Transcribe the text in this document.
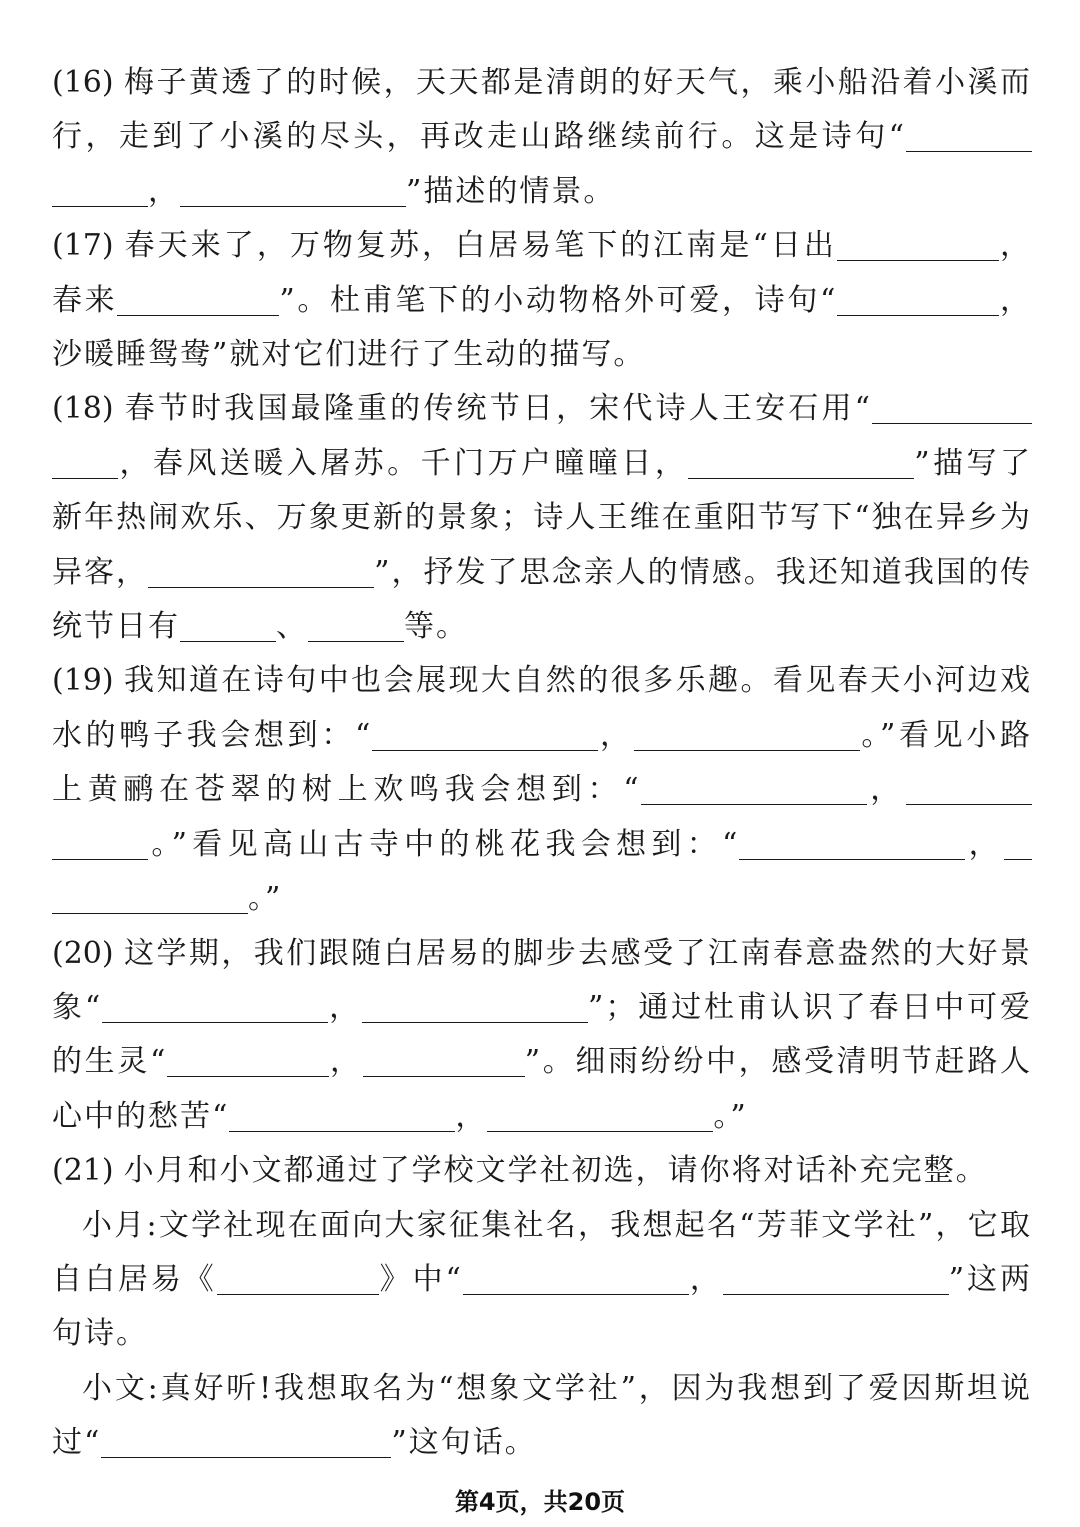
(16) 梅子黄透了的时候，天天都是清朗的好天气，乘小船沿着小溪而行，走到了小溪的尽头，再改走山路继续前行。这是诗句“，	”描述的情景。

(17) 春天来了，万物复苏，白居易笔下的江南是“日出	，春来	”。杜甫笔下的小动物格外可爱，诗句“	，沙暖睡鸳鸯”就对它们进行了生动的描写。

(18) 春节时我国最隆重的传统节日，宋代诗人王安石用“，春风送暖入屠苏。千门万户曈曈日，	”描写了新年热闹欢乐、万象更新的景象；诗人王维在重阳节写下“独在异乡为异客，	”，抒发了思念亲人的情感。我还知道我国的传统节日有	、	等。

(19) 我知道在诗句中也会展现大自然的很多乐趣。看见春天小河边戏水的鸭子我会想到：“	，	。”看见小路上黄鹂在苍翠的树上欢鸣我会想到：“	，。”看见高山古寺中的桃花我会想到：“	，。”

(20) 这学期，我们跟随白居易的脚步去感受了江南春意盎然的大好景象“	，	”；通过杜甫认识了春日中可爱的生灵“	，	”。细雨纷纷中，感受清明节赶路人心中的愁苦“	，	。”

(21) 小月和小文都通过了学校文学社初选，请你将对话补充完整。

小月:文学社现在面向大家征集社名，我想起名“芳菲文学社”，它取自白居易《	》中“	，	”这两句诗。

小文:真好听!我想取名为“想象文学社”，因为我想到了爱因斯坦说过“	”这句话。

第4页，共20页
